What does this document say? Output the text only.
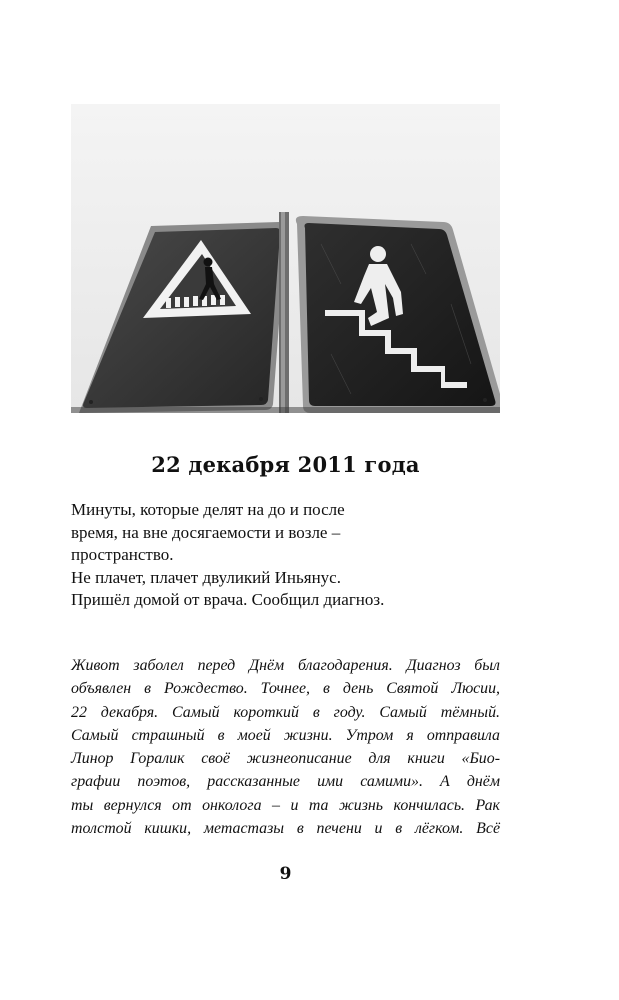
22 декабря 2011 года
Минуты, которые делят на до и после
время, на вне досягаемости и возле –
пространство.
Не плачет, плачет двуликий Иньянус.
Пришёл домой от врача. Сообщил диагноз.
Живот заболел перед Днём благодарения. Диагноз был
объявлен в Рождество. Точнее, в день Святой Люсии,
22 декабря. Самый короткий в году. Самый тёмный.
Самый страшный в моей жизни. Утром я отправила
Линор Горалик своё жизнеописание для книги «Био-
графии поэтов, рассказанные ими самими». А днём
ты вернулся от онколога – и та жизнь кончилась. Рак
толстой кишки, метастазы в печени и в лёгком. Всё
9
